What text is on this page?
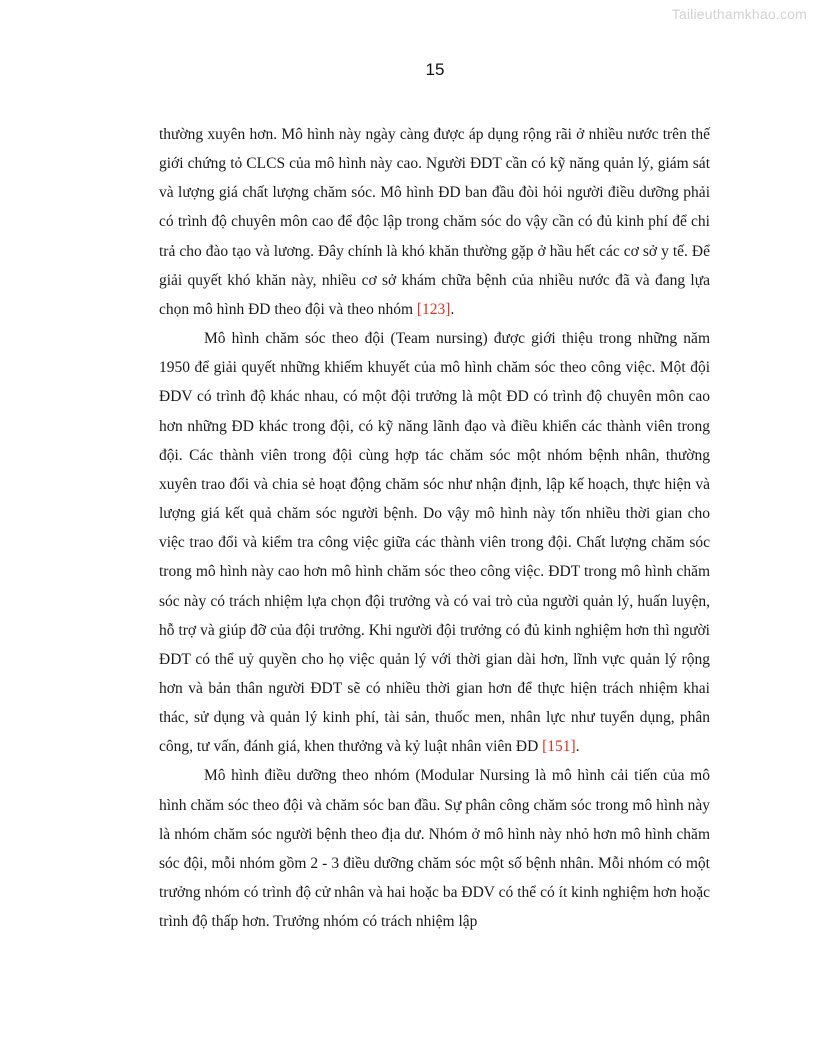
Tailieuthamkhao.com
15

thường xuyên hơn. Mô hình này ngày càng được áp dụng rộng rãi ở nhiều nước trên thế giới chứng tỏ CLCS của mô hình này cao. Người ĐDT cần có kỹ năng quản lý, giám sát và lượng giá chất lượng chăm sóc. Mô hình ĐD ban đầu đòi hỏi người điều dưỡng phải có trình độ chuyên môn cao để độc lập trong chăm sóc do vậy cần có đủ kinh phí để chi trả cho đào tạo và lương. Đây chính là khó khăn thường gặp ở hầu hết các cơ sở y tế. Để giải quyết khó khăn này, nhiều cơ sở khám chữa bệnh của nhiều nước đã và đang lựa chọn mô hình ĐD theo đội và theo nhóm [123].

Mô hình chăm sóc theo đội (Team nursing) được giới thiệu trong những năm 1950 để giải quyết những khiếm khuyết của mô hình chăm sóc theo công việc. Một đội ĐDV có trình độ khác nhau, có một đội trưởng là một ĐD có trình độ chuyên môn cao hơn những ĐD khác trong đội, có kỹ năng lãnh đạo và điều khiển các thành viên trong đội. Các thành viên trong đội cùng hợp tác chăm sóc một nhóm bệnh nhân, thường xuyên trao đổi và chia sẻ hoạt động chăm sóc như nhận định, lập kế hoạch, thực hiện và lượng giá kết quả chăm sóc người bệnh. Do vậy mô hình này tốn nhiều thời gian cho việc trao đổi và kiểm tra công việc giữa các thành viên trong đội. Chất lượng chăm sóc trong mô hình này cao hơn mô hình chăm sóc theo công việc. ĐDT trong mô hình chăm sóc này có trách nhiệm lựa chọn đội trưởng và có vai trò của người quản lý, huấn luyện, hỗ trợ và giúp đỡ của đội trưởng. Khi người đội trưởng có đủ kinh nghiệm hơn thì người ĐDT có thể uỷ quyền cho họ việc quản lý với thời gian dài hơn, lĩnh vực quản lý rộng hơn và bản thân người ĐDT sẽ có nhiều thời gian hơn để thực hiện trách nhiệm khai thác, sử dụng và quản lý kinh phí, tài sản, thuốc men, nhân lực như tuyển dụng, phân công, tư vấn, đánh giá, khen thưởng và kỷ luật nhân viên ĐD [151].

Mô hình điều dưỡng theo nhóm (Modular Nursing là mô hình cải tiến của mô hình chăm sóc theo đội và chăm sóc ban đầu. Sự phân công chăm sóc trong mô hình này là nhóm chăm sóc người bệnh theo địa dư. Nhóm ở mô hình này nhỏ hơn mô hình chăm sóc đội, mỗi nhóm gồm 2 - 3 điều dưỡng chăm sóc một số bệnh nhân. Mỗi nhóm có một trưởng nhóm có trình độ cử nhân và hai hoặc ba ĐDV có thể có ít kinh nghiệm hơn hoặc trình độ thấp hơn. Trưởng nhóm có trách nhiệm lập
